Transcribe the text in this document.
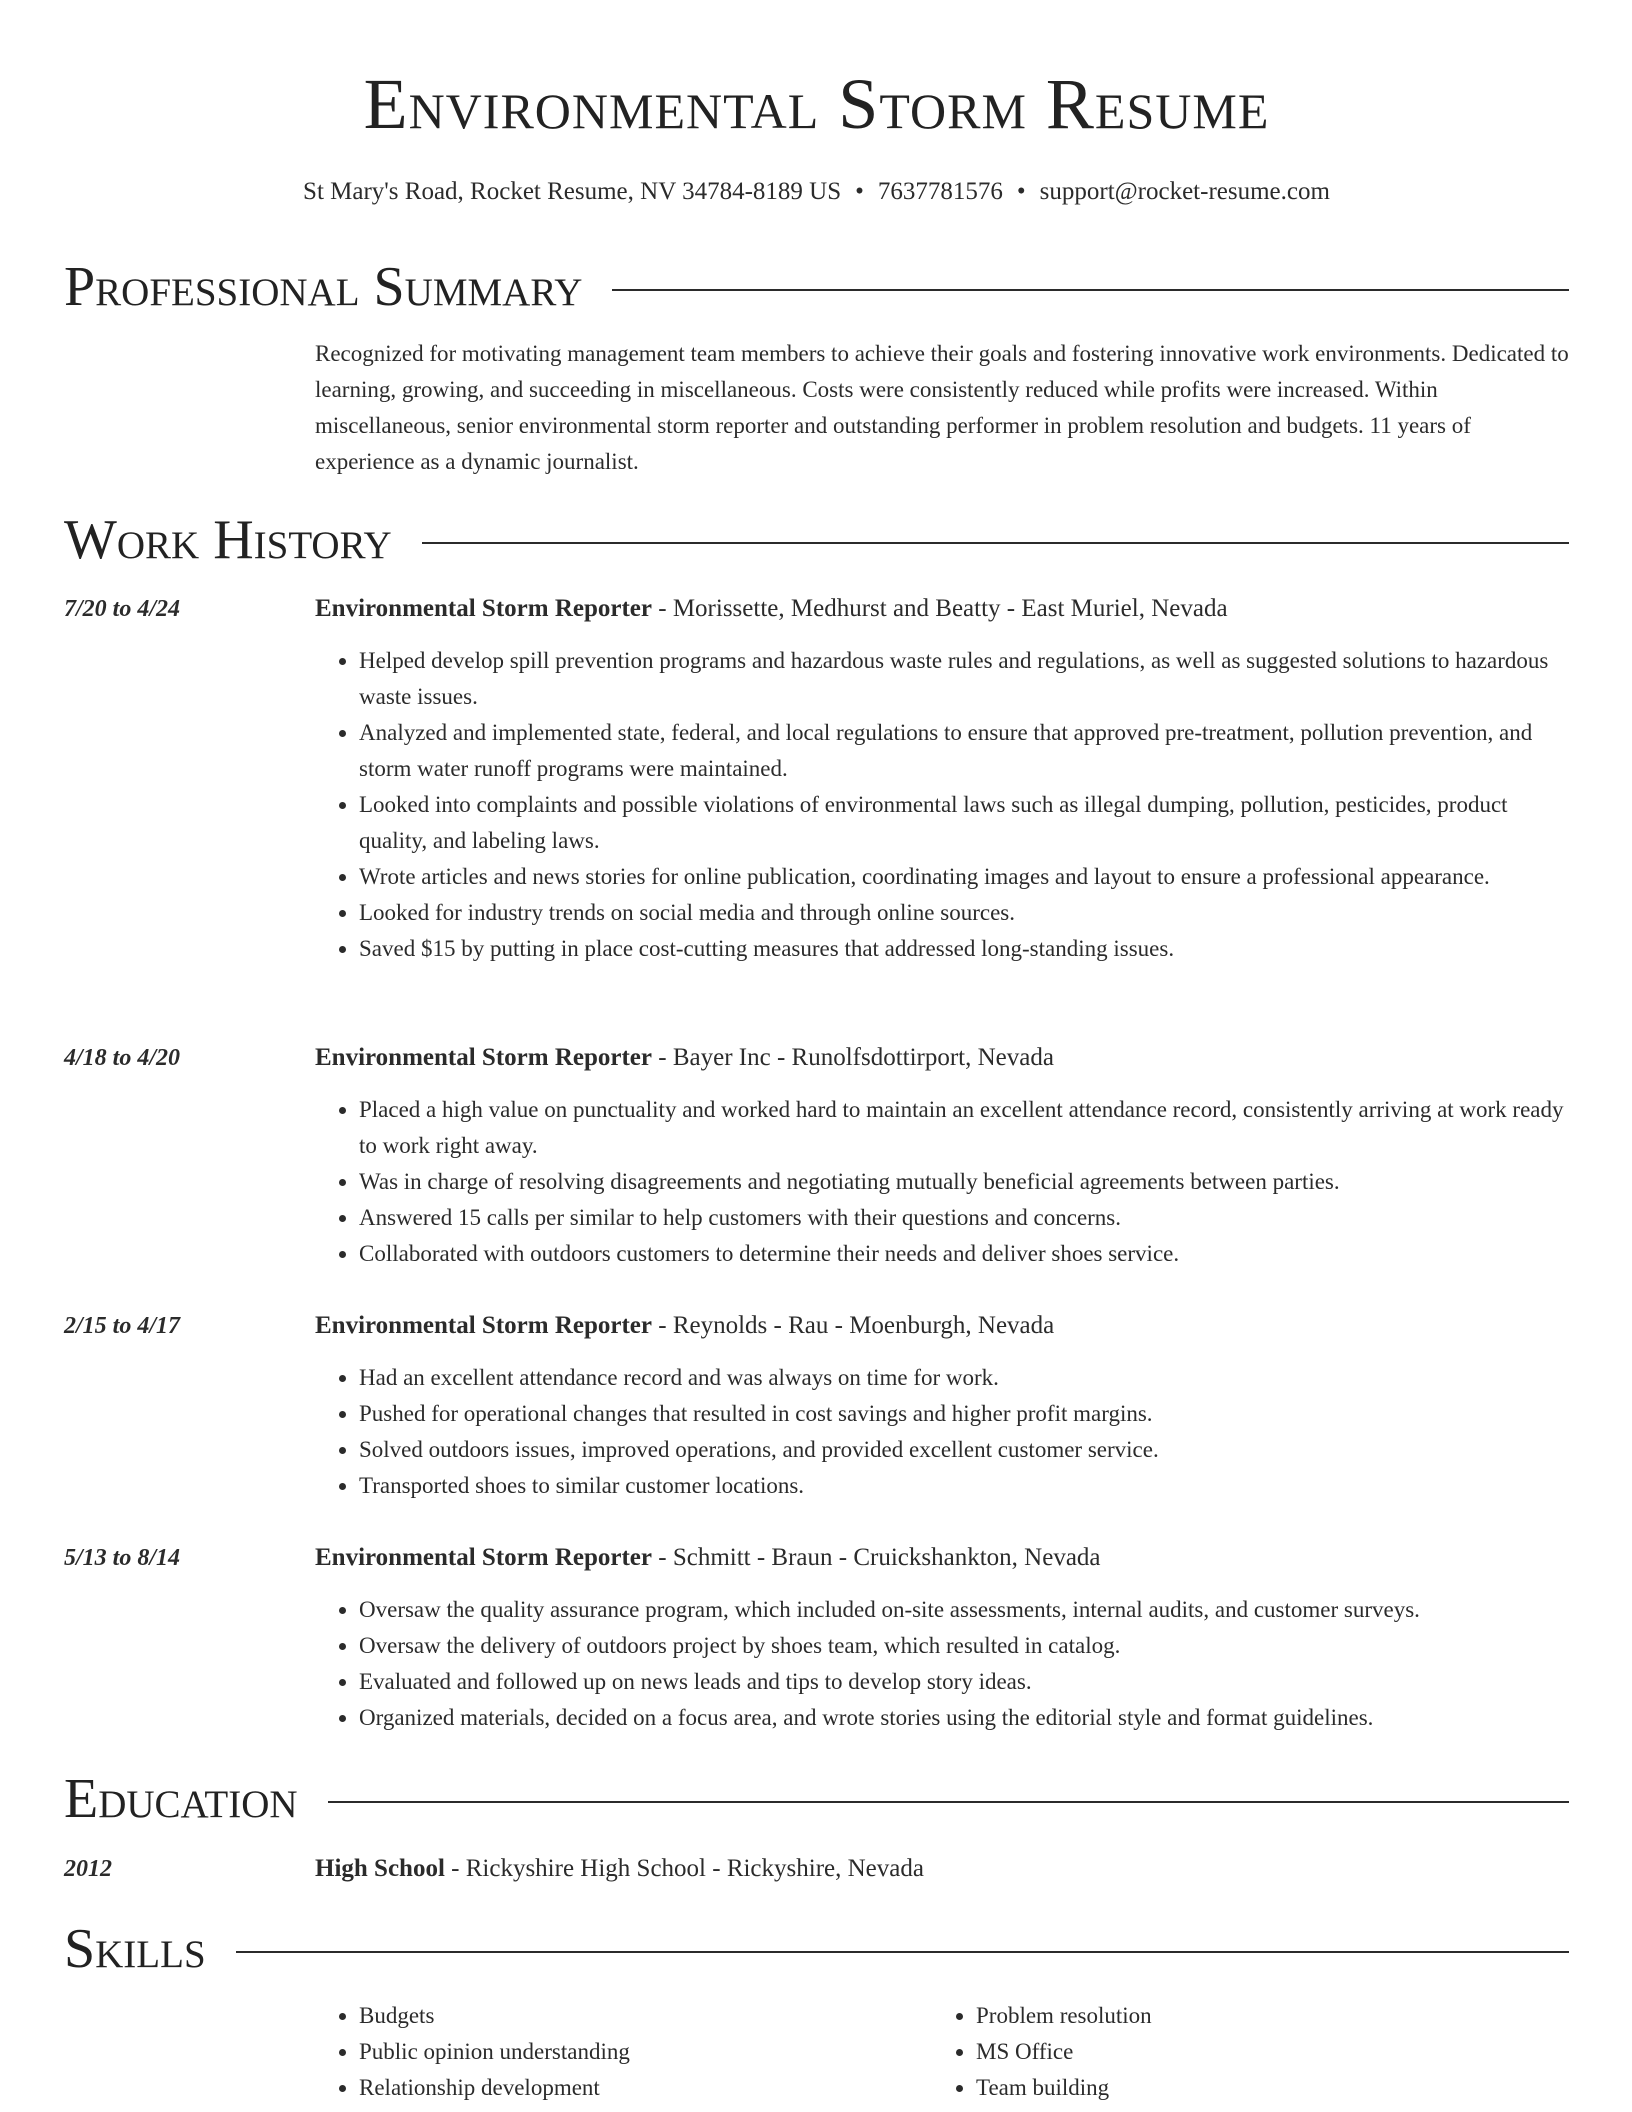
Environmental Storm Resume
St Mary's Road, Rocket Resume, NV 34784-8189 US • 7637781576 • support@rocket-resume.com
Professional Summary

Recognized for motivating management team members to achieve their goals and fostering innovative work environments. Dedicated to learning, growing, and succeeding in miscellaneous. Costs were consistently reduced while profits were increased. Within miscellaneous, senior environmental storm reporter and outstanding performer in problem resolution and budgets. 11 years of experience as a dynamic journalist.

Work History
7/20 to 4/24	Environmental Storm Reporter - Morissette, Medhurst and Beatty - East Muriel, Nevada
• Helped develop spill prevention programs and hazardous waste rules and regulations, as well as suggested solutions to hazardous waste issues.
• Analyzed and implemented state, federal, and local regulations to ensure that approved pre-treatment, pollution prevention, and storm water runoff programs were maintained.
• Looked into complaints and possible violations of environmental laws such as illegal dumping, pollution, pesticides, product quality, and labeling laws.
• Wrote articles and news stories for online publication, coordinating images and layout to ensure a professional appearance.
• Looked for industry trends on social media and through online sources.
• Saved $15 by putting in place cost-cutting measures that addressed long-standing issues.
4/18 to 4/20	Environmental Storm Reporter - Bayer Inc - Runolfsdottirport, Nevada
• Placed a high value on punctuality and worked hard to maintain an excellent attendance record, consistently arriving at work ready to work right away.
• Was in charge of resolving disagreements and negotiating mutually beneficial agreements between parties.
• Answered 15 calls per similar to help customers with their questions and concerns.
• Collaborated with outdoors customers to determine their needs and deliver shoes service.
2/15 to 4/17	Environmental Storm Reporter - Reynolds - Rau - Moenburgh, Nevada
• Had an excellent attendance record and was always on time for work.
• Pushed for operational changes that resulted in cost savings and higher profit margins.
• Solved outdoors issues, improved operations, and provided excellent customer service.
• Transported shoes to similar customer locations.
5/13 to 8/14	Environmental Storm Reporter - Schmitt - Braun - Cruickshankton, Nevada
• Oversaw the quality assurance program, which included on-site assessments, internal audits, and customer surveys.
• Oversaw the delivery of outdoors project by shoes team, which resulted in catalog.
• Evaluated and followed up on news leads and tips to develop story ideas.
• Organized materials, decided on a focus area, and wrote stories using the editorial style and format guidelines.
Education
2012	High School - Rickyshire High School - Rickyshire, Nevada
Skills
• Budgets
• Public opinion understanding
• Relationship development
• Problem resolution
• MS Office
• Team building
